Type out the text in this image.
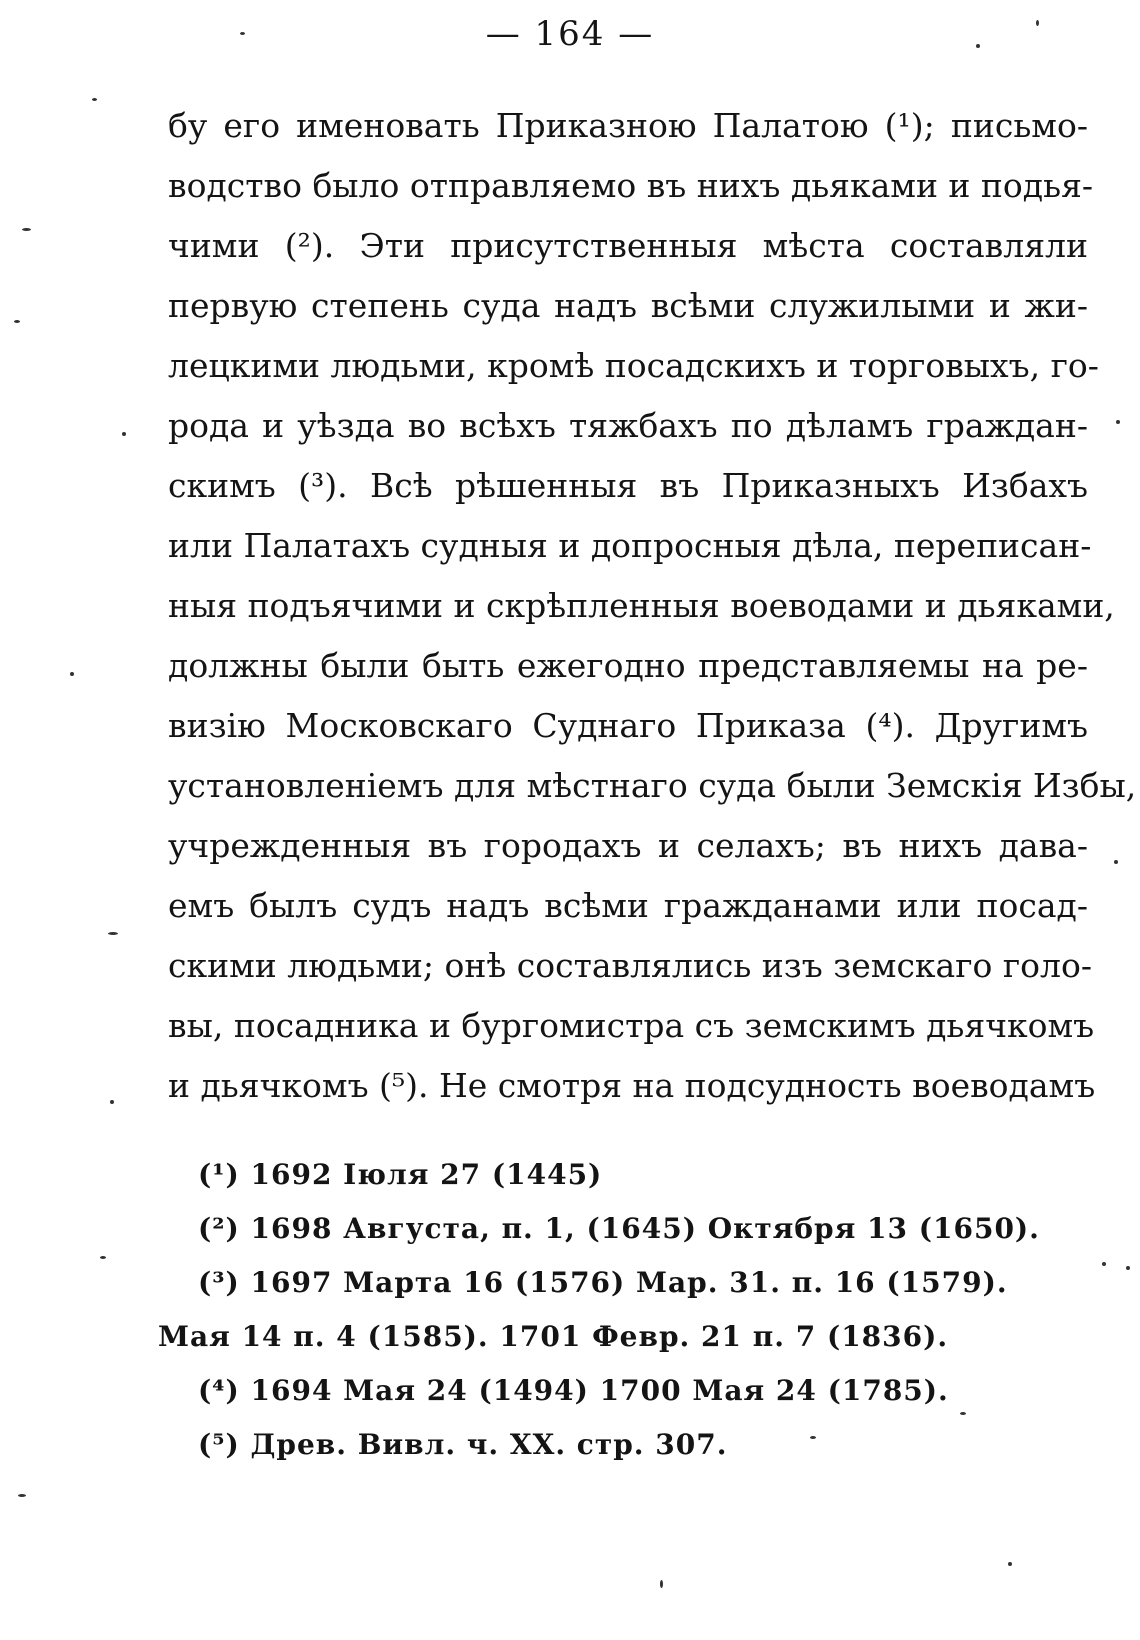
— 164 —
бу его именовать Приказною Палатою (¹); письмо-
водство было отправляемо въ нихъ дьяками и подья-
чими (²). Эти присутственныя мѣста составляли
первую степень суда надъ всѣми служилыми и жи-
лецкими людьми, кромѣ посадскихъ и торговыхъ, го-
рода и уѣзда во всѣхъ тяжбахъ по дѣламъ граждан-
скимъ (³). Всѣ рѣшенныя въ Приказныхъ Избахъ
или Палатахъ судныя и допросныя дѣла, переписан-
ныя подъячими и скрѣпленныя воеводами и дьяками,
должны были быть ежегодно представляемы на ре-
визію Московскаго Суднаго Приказа (⁴). Другимъ
установленіемъ для мѣстнаго суда были Земскія Избы,
учрежденныя въ городахъ и селахъ; въ нихъ дава-
емъ былъ судъ надъ всѣми гражданами или посад-
скими людьми; онѣ составлялись изъ земскаго голо-
вы, посадника и бургомистра съ земскимъ дьячкомъ
и дьячкомъ (⁵). Не смотря на подсудность воеводамъ
(¹) 1692 Іюля 27 (1445)
(²) 1698 Августа, п. 1, (1645) Октября 13 (1650).
(³) 1697 Марта 16 (1576) Мар. 31. п. 16 (1579).
Мая 14 п. 4 (1585). 1701 Февр. 21 п. 7 (1836).
(⁴) 1694 Мая 24 (1494) 1700 Мая 24 (1785).
(⁵) Древ. Вивл. ч. XX. стр. 307.
